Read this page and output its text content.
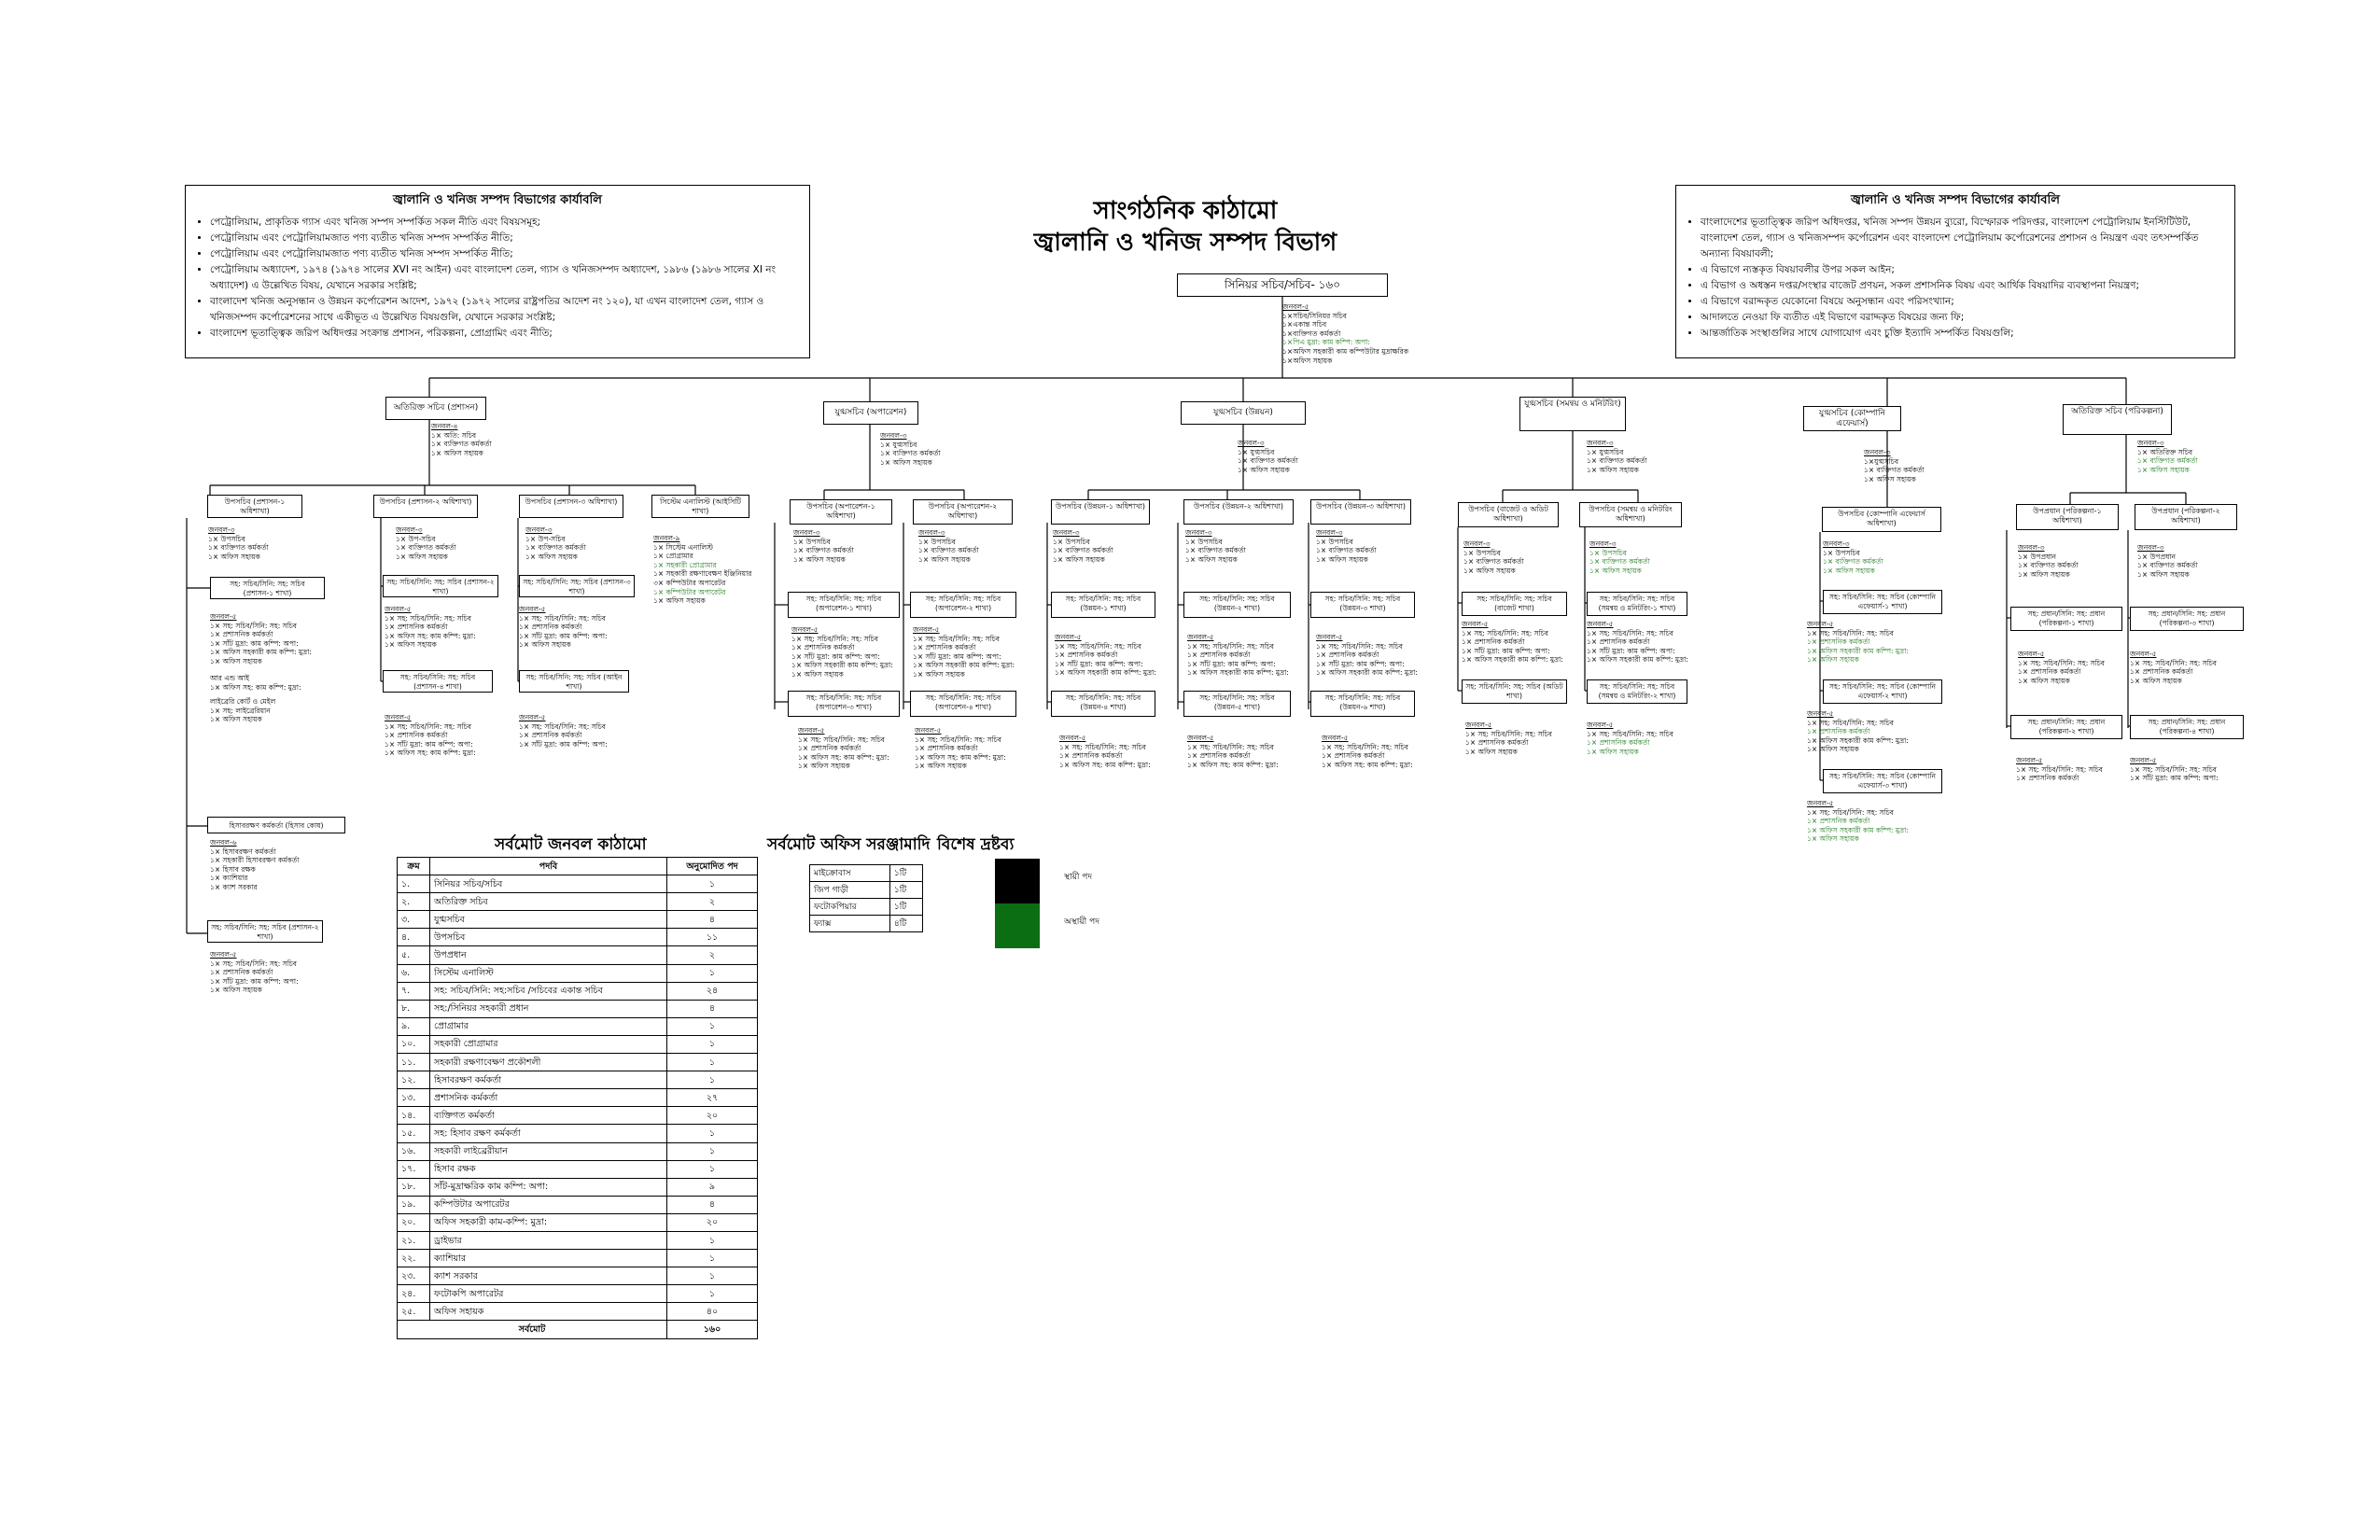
জ্বালানি ও খনিজ সম্পদ বিভাগের কার্যাবলি
• পেট্রোলিয়াম, প্রাকৃতিক গ্যাস এবং খনিজ সম্পদ সম্পর্কিত সকল নীতি এবং বিষয়সমূহ;
• পেট্রোলিয়াম এবং পেট্রোলিয়ামজাত পণ্য ব্যতীত খনিজ সম্পদ সম্পর্কিত নীতি;
• পেট্রোলিয়াম এবং পেট্রোলিয়ামজাত পণ্য ব্যতীত খনিজ সম্পদ সম্পর্কিত নীতি;
• পেট্রোলিয়াম অধ্যাদেশ, ১৯৭৪ (১৯৭৪ সালের XVI নং আইন) এবং বাংলাদেশ তেল, গ্যাস ও খনিজসম্পদ অধ্যাদেশ, ১৯৮৬ (১৯৮৬ সালের XI নং অধ্যাদেশ) এ উল্লেখিত বিষয়, যেখানে সরকার সংশ্লিষ্ট;
• বাংলাদেশ খনিজ অনুসন্ধান ও উন্নয়ন কর্পোরেশন আদেশ, ১৯৭২ (১৯৭২ সালের রাষ্ট্রপতির আদেশ নং ১২০), যা এখন বাংলাদেশ তেল, গ্যাস ও খনিজসম্পদ কর্পোরেশনের সাথে একীভূত এ উল্লেখিত বিষয়গুলি, যেখানে সরকার সংশ্লিষ্ট;
• বাংলাদেশ ভূতাত্ত্বিক জরিপ অধিদপ্তর সংক্রান্ত প্রশাসন, পরিকল্পনা, প্রোগ্রামিং এবং নীতি;
জ্বালানি ও খনিজ সম্পদ বিভাগের কার্যাবলি
• বাংলাদেশের ভূতাত্ত্বিক জরিপ অধিদপ্তর, খনিজ সম্পদ উন্নয়ন ব্যুরো, বিস্ফোরক পরিদপ্তর, বাংলাদেশ পেট্রোলিয়াম ইনস্টিটিউট, বাংলাদেশ তেল, গ্যাস ও খনিজসম্পদ কর্পোরেশন এবং বাংলাদেশ পেট্রোলিয়াম কর্পোরেশনের প্রশাসন ও নিয়ন্ত্রণ এবং তৎসম্পর্কিত অন্যান্য বিষয়াবলী;
• এ বিভাগে ন্যস্তকৃত বিষয়াবলীর উপর সকল আইন;
• এ বিভাগ ও অধস্তন দপ্তর/সংস্থার বাজেট প্রণয়ন, সকল প্রশাসনিক বিষয় এবং আর্থিক বিষয়াদির ব্যবস্থাপনা নিয়ন্ত্রণ;
• এ বিভাগে বরাদ্দকৃত যেকোনো বিষয়ে অনুসন্ধান এবং পরিসংখ্যান;
• আদালতে নেওয়া ফি ব্যতীত এই বিভাগে বরাদ্দকৃত বিষয়ের জন্য ফি;
• আন্তর্জাতিক সংস্থাগুলির সাথে যোগাযোগ এবং চুক্তি ইত্যাদি সম্পর্কিত বিষয়গুলি;
সাংগঠনিক কাঠামো
জ্বালানি ও খনিজ সম্পদ বিভাগ
সিনিয়র সচিব/সচিব- ১৬০
জনবল-৫
১×সচিব/সিনিয়র সচিব
১×একান্ত সচিব
১×ব্যক্তিগত কর্মকর্তা
১×পিএ মুদ্রা: কাম কম্পি: অপা:
১×অফিস সহকারী কাম কম্পিউটার মুদ্রাক্ষরিক
১×অফিস সহায়ক
অতিরিক্ত সচিব (প্রশাসন)	যুগ্মসচিব (অপারেশন)	যুগ্মসচিব (উন্নয়ন)
যুগ্মসচিব (সমন্বয় ও মনিটরিং)
যুগ্মসচিব (কোম্পানি এফেয়ার্স)
অতিরিক্ত সচিব (পরিকল্পনা)
জনবল-৪
১× অতি: সচিব
১× ব্যক্তিগত কর্মকর্তা
১× অফিস সহায়ক
জনবল-৩
১× যুগ্মসচিব
১× ব্যক্তিগত কর্মকর্তা
১× অফিস সহায়ক
জনবল-৩
১× যুগ্মসচিব
১× ব্যক্তিগত কর্মকর্তা
১× অফিস সহায়ক
জনবল-৩
১× যুগ্মসচিব
১× ব্যক্তিগত কর্মকর্তা
১× অফিস সহায়ক
জনবল-৩
১×যুগ্মসচিব
১× ব্যক্তিগত কর্মকর্তা
১× অফিস সহায়ক
জনবল-৩
১× অতিরিক্ত সচিব
১× ব্যক্তিগত কর্মকর্তা
১× অফিস সহায়ক
উপসচিব (প্রশাসন-১ অধিশাখা)
উপসচিব (প্রশাসন-২ অধিশাখা)	উপসচিব (প্রশাসন-৩ অধিশাখা)	সিস্টেম এনালিস্ট (আইসিটি শাখা)
উপসচিব (অপারেশন-১ অধিশাখা)
উপসচিব (অপারেশন-২ অধিশাখা)
উপসচিব (উন্নয়ন-১ অধিশাখা)	উপসচিব (উন্নয়ন-২ অধিশাখা)	উপসচিব (উন্নয়ন-৩ অধিশাখা)	উপসচিব (বাজেট ও অডিট অধিশাখা)
উপসচিব (সমন্বয় ও মনিটরিং অধিশাখা)
উপসচিব (কোম্পানি এফেয়ার্স অধিশাখা)
উপপ্রধান (পরিকল্পনা-১ অধিশাখা)
উপপ্রধান (পরিকল্পনা-২ অধিশাখা)
জনবল-৩
১× উপসচিব
১× ব্যক্তিগত কর্মকর্তা
১× অফিস সহায়ক
জনবল-৩
১× উপ-সচিব
১× ব্যক্তিগত কর্মকর্তা
১× অফিস সহায়ক
জনবল-৩
১× উপ-সচিব
১× ব্যক্তিগত কর্মকর্তা
১× অফিস সহায়ক
জনবল-৯
১× সিস্টেম এনালিস্ট
১× প্রোগ্রামার
১× সহকারী প্রোগ্রামার
১× সহকারী রক্ষণাবেক্ষণ ইঞ্জিনিয়ার
৩× কম্পিউটার অপারেটর
১× কম্পিউটার অপারেটর
১× অফিস সহায়ক
জনবল-৩
১× উপসচিব
১× ব্যক্তিগত কর্মকর্তা
১× অফিস সহায়ক
জনবল-৩
১× উপসচিব
১× ব্যক্তিগত কর্মকর্তা
১× অফিস সহায়ক
জনবল-৩
১× উপসচিব
১× ব্যক্তিগত কর্মকর্তা
১× অফিস সহায়ক
জনবল-৩
১× উপসচিব
১× ব্যক্তিগত কর্মকর্তা
১× অফিস সহায়ক
জনবল-৩
১× উপসচিব
১× ব্যক্তিগত কর্মকর্তা
১× অফিস সহায়ক
জনবল-৩
১× উপসচিব
১× ব্যক্তিগত কর্মকর্তা
১× অফিস সহায়ক
জনবল-৩
১× উপসচিব
১× ব্যক্তিগত কর্মকর্তা
১× অফিস সহায়ক
জনবল-৩
১× উপসচিব
১× ব্যক্তিগত কর্মকর্তা
১× অফিস সহায়ক
জনবল-৩
১× উপপ্রধান
১× ব্যক্তিগত কর্মকর্তা
১× অফিস সহায়ক
জনবল-৩
১× উপপ্রধান
১× ব্যক্তিগত কর্মকর্তা
১× অফিস সহায়ক
সহ: সচিব/সিনি: সহ: সচিব (প্রশাসন-১ শাখা)
সহ: সচিব/সিনি: সহ: সচিব (প্রশাসন-২ শাখা)
সহ: সচিব/সিনি: সহ: সচিব (প্রশাসন-৩ শাখা)
সহ: সচিব/সিনি: সহ: সচিব (প্রশাসন-৪ শাখা)
সহ: সচিব/সিনি: সহ: সচিব (আইন শাখা)
সহ: সচিব/সিনি: সহ: সচিব (অপারেশন-১ শাখা)
সহ: সচিব/সিনি: সহ: সচিব (অপারেশন-২ শাখা)
সহ: সচিব/সিনি: সহ: সচিব (অপারেশন-৩ শাখা)
সহ: সচিব/সিনি: সহ: সচিব (অপারেশন-৪ শাখা)
সহ: সচিব/সিনি: সহ: সচিব (উন্নয়ন-১ শাখা)
সহ: সচিব/সিনি: সহ: সচিব (উন্নয়ন-২ শাখা)
সহ: সচিব/সিনি: সহ: সচিব (উন্নয়ন-৩ শাখা)
সহ: সচিব/সিনি: সহ: সচিব (উন্নয়ন-৪ শাখা)
সহ: সচিব/সিনি: সহ: সচিব (উন্নয়ন-৫ শাখা)
সহ: সচিব/সিনি: সহ: সচিব (উন্নয়ন-৬ শাখা)
সহ: সচিব/সিনি: সহ: সচিব (বাজেট শাখা)
সহ: সচিব/সিনি: সহ: সচিব (অডিট শাখা)
সহ: সচিব/সিনি: সহ: সচিব (সমন্বয় ও মনিটরিং-১ শাখা)
সহ: সচিব/সিনি: সহ: সচিব (সমন্বয় ও মনিটরিং-২ শাখা)
সহ: সচিব/সিনি: সহ: সচিব (কোম্পানি এফেয়ার্স-১ শাখা)
সহ: সচিব/সিনি: সহ: সচিব (কোম্পানি এফেয়ার্স-২ শাখা)
সহ: সচিব/সিনি: সহ: সচিব (কোম্পানি এফেয়ার্স-৩ শাখা)
সহ: প্রধান/সিনি: সহ: প্রধান (পরিকল্পনা-১ শাখা)
সহ: প্রধান/সিনি: সহ: প্রধান (পরিকল্পনা-৩ শাখা)
সহ: প্রধান/সিনি: সহ: প্রধান (পরিকল্পনা-২ শাখা)
সহ: প্রধান/সিনি: সহ: প্রধান (পরিকল্পনা-৪ শাখা)
হিসাবরক্ষণ কর্মকর্তা (হিসাব কোষ)
সহ: সচিব/সিনি: সহ: সচিব (প্রশাসন-২ শাখা)
জনবল-৫
১× সহ: সচিব/সিনি: সহ: সচিব
১× প্রশাসনিক কর্মকর্তা
১× সাঁট মুদ্রা: কাম কম্পি: অপা:
১× অফিস সহকারী কাম কম্পি: মুদ্রা:
১× অফিস সহায়ক
আর এন্ড আই
১× অফিস সহ: কাম কম্পি: মুদ্রা:
লাইব্রেরি কোর্ট ও মেইল
১× সহ: লাইব্রেরিয়ান
১× অফিস সহায়ক
জনবল-৫
১× সহ: সচিব/সিনি: সহ: সচিব
১× প্রশাসনিক কর্মকর্তা
১× অফিস সহ: কাম কম্পি: মুদ্রা:
১× অফিস সহায়ক
জনবল-৫
১× সহ: সচিব/সিনি: সহ: সচিব
১× প্রশাসনিক কর্মকর্তা
১× সাঁট মুদ্রা: কাম কম্পি: অপা:
১× অফিস সহায়ক
জনবল-৫
১× সহ: সচিব/সিনি: সহ: সচিব
১× প্রশাসনিক কর্মকর্তা
১× সাঁট মুদ্রা: কাম কম্পি: অপা:
১× অফিস সহ: কাম কম্পি: মুদ্রা:
জনবল-৫
১× সহ: সচিব/সিনি: সহ: সচিব
১× প্রশাসনিক কর্মকর্তা
১× সাঁট মুদ্রা: কাম কম্পি: অপা:
জনবল-৫
১× সহ: সচিব/সিনি: সহ: সচিব
১× প্রশাসনিক কর্মকর্তা
১× সাঁট মুদ্রা: কাম কম্পি: অপা:
১× অফিস সহকারী কাম কম্পি: মুদ্রা:
১× অফিস সহায়ক
জনবল-৫
১× সহ: সচিব/সিনি: সহ: সচিব
১× প্রশাসনিক কর্মকর্তা
১× সাঁট মুদ্রা: কাম কম্পি: অপা:
১× অফিস সহকারী কাম কম্পি: মুদ্রা:
১× অফিস সহায়ক
জনবল-৫
১× সহ: সচিব/সিনি: সহ: সচিব
১× প্রশাসনিক কর্মকর্তা
১× অফিস সহ: কাম কম্পি: মুদ্রা:
১× অফিস সহায়ক
জনবল-৫
১× সহ: সচিব/সিনি: সহ: সচিব
১× প্রশাসনিক কর্মকর্তা
১× অফিস সহ: কাম কম্পি: মুদ্রা:
১× অফিস সহায়ক
জনবল-৫
১× সহ: সচিব/সিনি: সহ: সচিব
১× প্রশাসনিক কর্মকর্তা
১× সাঁট মুদ্রা: কাম কম্পি: অপা:
১× অফিস সহকারী কাম কম্পি: মুদ্রা:
জনবল-৫
১× সহ: সচিব/সিনি: সহ: সচিব
১× প্রশাসনিক কর্মকর্তা
১× সাঁট মুদ্রা: কাম কম্পি: অপা:
১× অফিস সহকারী কাম কম্পি: মুদ্রা:
জনবল-৫
১× সহ: সচিব/সিনি: সহ: সচিব
১× প্রশাসনিক কর্মকর্তা
১× সাঁট মুদ্রা: কাম কম্পি: অপা:
১× অফিস সহকারী কাম কম্পি: মুদ্রা:
জনবল-৫
১× সহ: সচিব/সিনি: সহ: সচিব
১× প্রশাসনিক কর্মকর্তা
১× অফিস সহ: কাম কম্পি: মুদ্রা:
জনবল-৫
১× সহ: সচিব/সিনি: সহ: সচিব
১× প্রশাসনিক কর্মকর্তা
১× অফিস সহ: কাম কম্পি: মুদ্রা:
জনবল-৫
১× সহ: সচিব/সিনি: সহ: সচিব
১× প্রশাসনিক কর্মকর্তা
১× অফিস সহ: কাম কম্পি: মুদ্রা:
জনবল-৫
১× সহ: সচিব/সিনি: সহ: সচিব
১× প্রশাসনিক কর্মকর্তা
১× সাঁট মুদ্রা: কাম কম্পি: অপা:
১× অফিস সহকারী কাম কম্পি: মুদ্রা:
জনবল-৫
১× সহ: সচিব/সিনি: সহ: সচিব
১× প্রশাসনিক কর্মকর্তা
১× সাঁট মুদ্রা: কাম কম্পি: অপা:
১× অফিস সহকারী কাম কম্পি: মুদ্রা:
জনবল-৫
১× সহ: সচিব/সিনি: সহ: সচিব
১× প্রশাসনিক কর্মকর্তা
১× অফিস সহায়ক
জনবল-৫
১× সহ: সচিব/সিনি: সহ: সচিব
১× প্রশাসনিক কর্মকর্তা
১× অফিস সহায়ক
জনবল-৫
১× সহ: সচিব/সিনি: সহ: সচিব
১× প্রশাসনিক কর্মকর্তা
১× অফিস সহকারী কাম কম্পি: মুদ্রা:
১× অফিস সহায়ক
জনবল-৫
১× সহ: সচিব/সিনি: সহ: সচিব
১× প্রশাসনিক কর্মকর্তা
১× অফিস সহকারী কাম কম্পি: মুদ্রা:
১× অফিস সহায়ক
জনবল-৫
১× সহ: সচিব/সিনি: সহ: সচিব
১× প্রশাসনিক কর্মকর্তা
১× অফিস সহকারী কাম কম্পি: মুদ্রা:
১× অফিস সহায়ক
জনবল-৫
১× সহ: সচিব/সিনি: সহ: সচিব
১× প্রশাসনিক কর্মকর্তা
১× অফিস সহায়ক
জনবল-৫
১× সহ: সচিব/সিনি: সহ: সচিব
১× প্রশাসনিক কর্মকর্তা
১× অফিস সহায়ক
জনবল-৫
১× সহ: সচিব/সিনি: সহ: সচিব
১× প্রশাসনিক কর্মকর্তা
জনবল-৫
১× সহ: সচিব/সিনি: সহ: সচিব
১× সাঁট মুদ্রা: কাম কম্পি: অপা:
জনবল-৬
১× হিসাবরক্ষণ কর্মকর্তা
১× সহকারী হিসাবরক্ষণ কর্মকর্তা
১× হিসাব রক্ষক
১× ক্যাশিয়ার
১× ক্যাশ সরকার
জনবল-৫
১× সহ: সচিব/সিনি: সহ: সচিব
১× প্রশাসনিক কর্মকর্তা
১× সাঁট মুদ্রা: কাম কম্পি: অপা:
১× অফিস সহায়ক
সর্বমোট জনবল কাঠামো
ক্রম	পদবি	অনুমোদিত পদ
১.	সিনিয়র সচিব/সচিব	১
২.	অতিরিক্ত সচিব	২
৩.	যুগ্মসচিব	৪
৪.	উপসচিব	১১
৫.	উপপ্রধান	২
৬.	সিস্টেম এনালিস্ট	১
৭.	সহ: সচিব/সিনি: সহ:সচিব /সচিবের একান্ত সচিব	২৪
৮.	সহ:/সিনিয়র সহকারী প্রধান	৪
৯.	প্রোগ্রামার	১
১০.	সহকারী প্রোগ্রামার	১
১১.	সহকারী রক্ষণাবেক্ষণ প্রকৌশলী	১
১২.	হিসাবরক্ষণ কর্মকর্তা	১
১৩.	প্রশাসনিক কর্মকর্তা	২৭
১৪.	ব্যক্তিগত কর্মকর্তা	২০
১৫.	সহ: হিসাব রক্ষণ কর্মকর্তা	১
১৬.	সহকারী লাইব্রেরীয়ান	১
১৭.	হিসাব রক্ষক	১
১৮.	সাঁট-মুদ্রাক্ষরিক কাম কম্পি: অপা:	৯
১৯.	কম্পিউটার অপারেটর	৪
২০.	অফিস সহকারী কাম-কম্পি: মুদ্রা:	২০
২১.	ড্রাইভার	১
২২.	ক্যাশিয়ার	১
২৩.	ক্যাশ সরকার	১
২৪.	ফটোকপি অপারেটর	১
২৫.	অফিস সহায়ক	৪০
সর্বমোট		১৬০
সর্বমোট অফিস সরঞ্জামাদি
মাইক্রোবাস	১টি
জিপ গাড়ী	১টি
ফটোকপিয়ার	১টি
ফ্যাক্স	৪টি
বিশেষ দ্রষ্টব্য
স্থায়ী পদ
অস্থায়ী পদ
